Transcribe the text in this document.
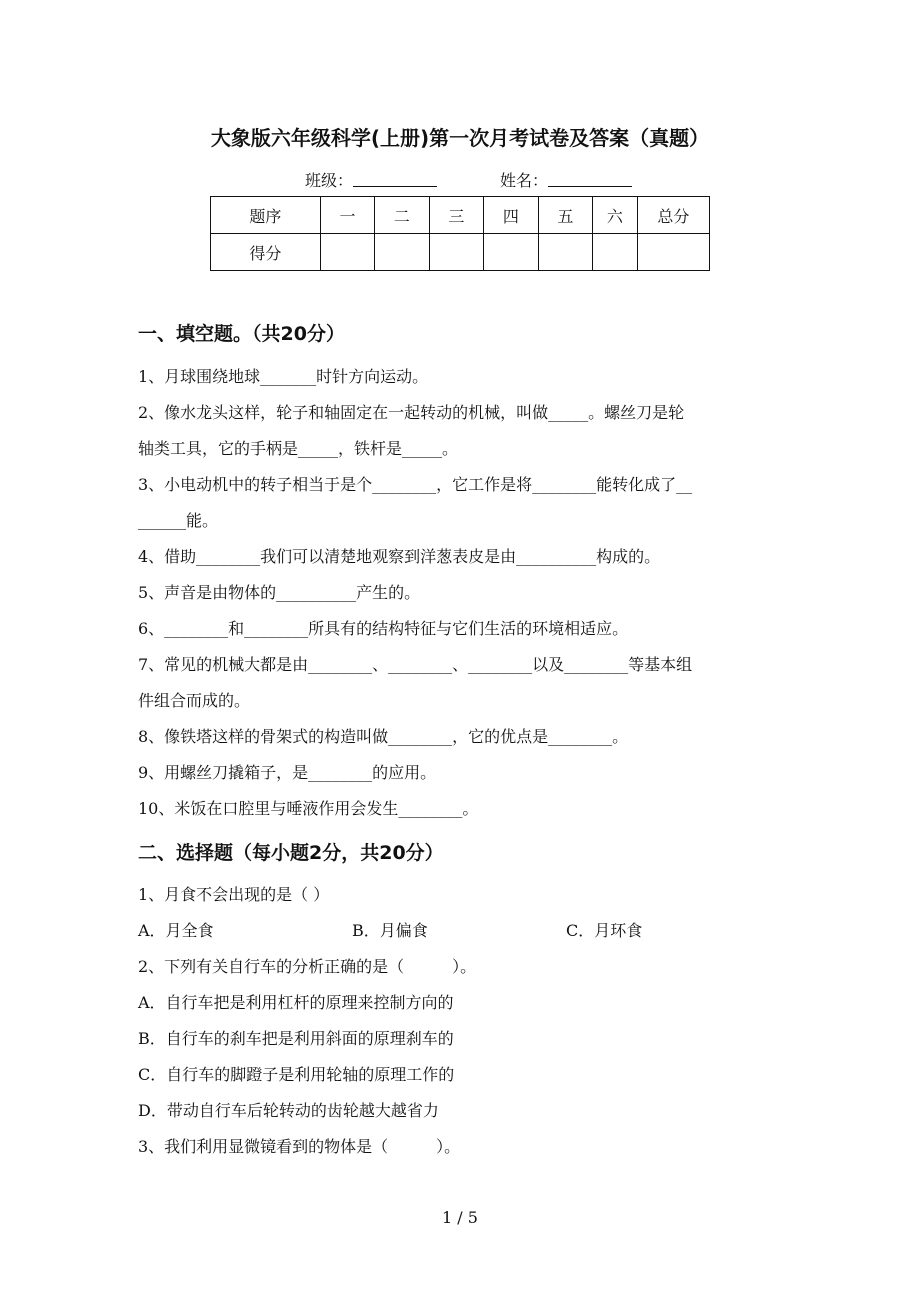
大象版六年级科学(上册)第一次月考试卷及答案（真题）
班级：	姓名：
题序	一	二	三	四	五	六	总分
得分							
一、填空题。（共20分）
1、月球围绕地球_______时针方向运动。
2、像水龙头这样，轮子和轴固定在一起转动的机械，叫做_____。螺丝刀是轮
轴类工具，它的手柄是_____，铁杆是_____。
3、小电动机中的转子相当于是个________，它工作是将________能转化成了__
______能。
4、借助________我们可以清楚地观察到洋葱表皮是由__________构成的。
5、声音是由物体的__________产生的。
6、________和________所具有的结构特征与它们生活的环境相适应。
7、常见的机械大都是由________、________、________以及________等基本组
件组合而成的。
8、像铁塔这样的骨架式的构造叫做________，它的优点是________。
9、用螺丝刀撬箱子，是________的应用。
10、米饭在口腔里与唾液作用会发生________。
二、选择题（每小题2分，共20分）
1、月食不会出现的是（ ）
A．月全食	B．月偏食	C．月环食
2、下列有关自行车的分析正确的是（　　　）。
A．自行车把是利用杠杆的原理来控制方向的
B．自行车的刹车把是利用斜面的原理刹车的
C．自行车的脚蹬子是利用轮轴的原理工作的
D．带动自行车后轮转动的齿轮越大越省力
3、我们利用显微镜看到的物体是（　　　）。
1 / 5
